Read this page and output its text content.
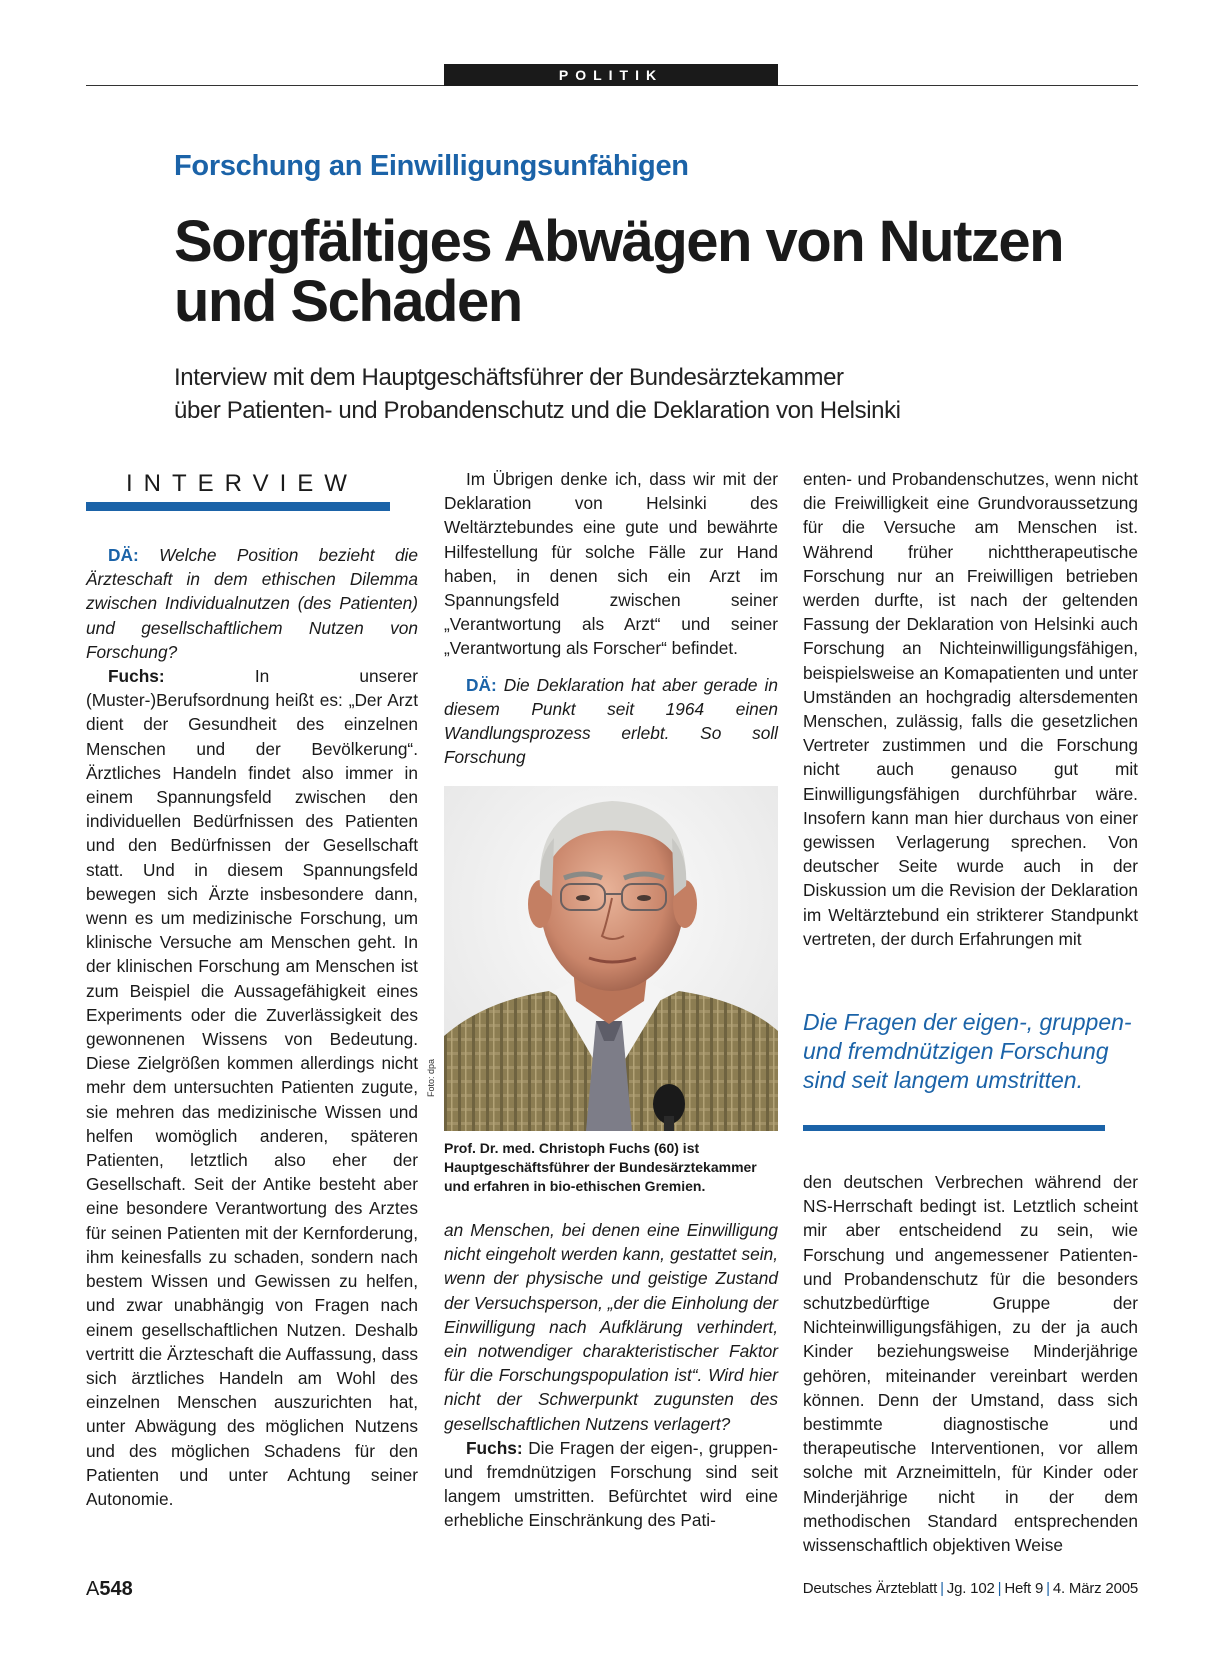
POLITIK
Forschung an Einwilligungsunfähigen
Sorgfältiges Abwägen von Nutzen und Schaden
Interview mit dem Hauptgeschäftsführer der Bundesärztekammer
über Patienten- und Probandenschutz und die Deklaration von Helsinki
INTERVIEW

DÄ: Welche Position bezieht die Ärzteschaft in dem ethischen Dilemma zwischen Individualnutzen (des Patienten) und gesellschaftlichem Nutzen von Forschung?

Fuchs:	In unserer (Muster-)Berufsordnung heißt es: „Der Arzt dient der Gesundheit des einzelnen Menschen und der Bevölkerung“. Ärztliches Handeln findet also immer in einem Spannungsfeld zwischen den individuellen Bedürfnissen des Patienten und den Bedürfnissen der Gesellschaft statt. Und in diesem Spannungsfeld bewegen sich Ärzte insbesondere dann, wenn es um medizinische Forschung, um klinische Versuche am Menschen geht. In der klinischen Forschung am Menschen ist zum Beispiel die Aussagefähigkeit eines Experiments oder die Zuverlässigkeit des gewonnenen Wissens von Bedeutung. Diese Zielgrößen kommen allerdings nicht mehr dem untersuchten Patienten zugute, sie mehren das medizinische Wissen und helfen womöglich anderen, späteren Patienten, letztlich also eher der Gesellschaft. Seit der Antike besteht aber eine besondere Verantwortung des Arztes für seinen Patienten mit der Kernforderung, ihm keinesfalls zu schaden, sondern nach bestem Wissen und Gewissen zu helfen, und zwar unabhängig von Fragen nach einem gesellschaftlichen Nutzen. Deshalb vertritt die Ärzteschaft die Auffassung, dass sich ärztliches Handeln am Wohl des einzelnen Menschen auszurichten hat, unter Abwägung des möglichen Nutzens und des möglichen Schadens für den Patienten und unter Achtung seiner Autonomie.

Im Übrigen denke ich, dass wir mit der Deklaration von Helsinki des Weltärztebundes eine gute und bewährte Hilfestellung für solche Fälle zur Hand haben, in denen sich ein Arzt im Spannungsfeld zwischen seiner „Verantwortung als Arzt“ und seiner „Verantwortung als Forscher“ befindet.

DÄ: Die Deklaration hat aber gerade in diesem Punkt seit 1964 einen Wandlungsprozess erlebt. So soll Forschung

Foto: dpa
Prof. Dr. med. Christoph Fuchs (60) ist Hauptgeschäftsführer der Bundesärztekammer und erfahren in bio-ethischen Gremien.

an Menschen, bei denen eine Einwilligung nicht eingeholt werden kann, gestattet sein, wenn der physische und geistige Zustand der Versuchsperson, „der die Einholung der Einwilligung nach Aufklärung verhindert, ein notwendiger charakteristischer Faktor für die Forschungspopulation ist“. Wird hier nicht der Schwerpunkt zugunsten des gesellschaftlichen Nutzens verlagert?

Fuchs: Die Fragen der eigen-, gruppen- und fremdnützigen Forschung sind seit langem umstritten. Befürchtet wird eine erhebliche Einschränkung des Pati-

enten- und Probandenschutzes, wenn nicht die Freiwilligkeit eine Grundvoraussetzung für die Versuche am Menschen ist. Während früher nichttherapeutische Forschung nur an Freiwilligen betrieben werden durfte, ist nach der geltenden Fassung der Deklaration von Helsinki auch Forschung an Nichteinwilligungsfähigen, beispielsweise an Komapatienten und unter Umständen an hochgradig altersdementen Menschen, zulässig, falls die gesetzlichen Vertreter zustimmen und die Forschung nicht auch genauso gut mit Einwilligungsfähigen durchführbar wäre. Insofern kann man hier durchaus von einer gewissen Verlagerung sprechen. Von deutscher Seite wurde auch in der Diskussion um die Revision der Deklaration im Weltärztebund ein strikterer Standpunkt vertreten, der durch Erfahrungen mit
Die Fragen der eigen-, gruppen- und fremdnützigen Forschung sind seit langem umstritten.
den deutschen Verbrechen während der NS-Herrschaft bedingt ist. Letztlich scheint mir aber entscheidend zu sein, wie Forschung und angemessener Patienten- und Probandenschutz für die besonders schutzbedürftige Gruppe der Nichteinwilligungsfähigen, zu der ja auch Kinder beziehungsweise Minderjährige gehören, miteinander vereinbart werden können. Denn der Umstand, dass sich bestimmte diagnostische und therapeutische Interventionen, vor allem solche mit Arzneimitteln, für Kinder oder Minderjährige nicht in der dem methodischen Standard entsprechenden wissenschaftlich objektiven Weise
A548	Deutsches Ärzteblatt | Jg. 102 | Heft 9 | 4. März 2005
